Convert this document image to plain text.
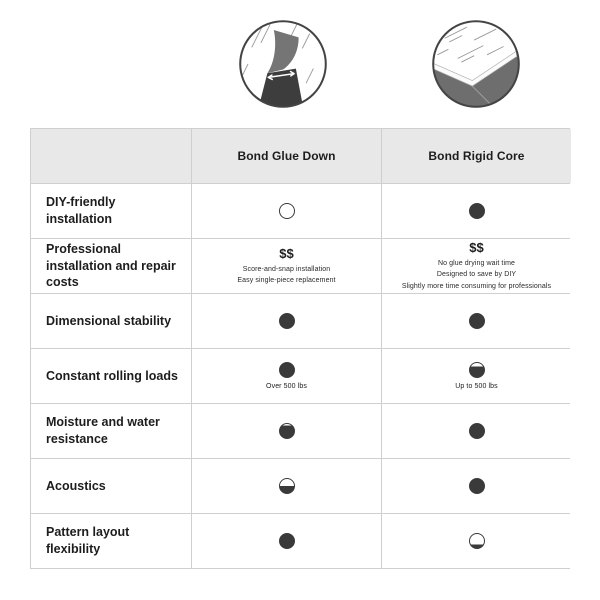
Bond Glue Down	Bond Rigid Core
DIY-friendly installation
Professional installation and repair costs
$$
Score-and-snap installation
Easy single-piece replacement
$$
No glue drying wait time
Designed to save by DIY
Slightly more time consuming for professionals
Dimensional stability
Constant rolling loads
Over 500 lbs	Up to 500 lbs
Moisture and water resistance
Acoustics
Pattern layout flexibility
